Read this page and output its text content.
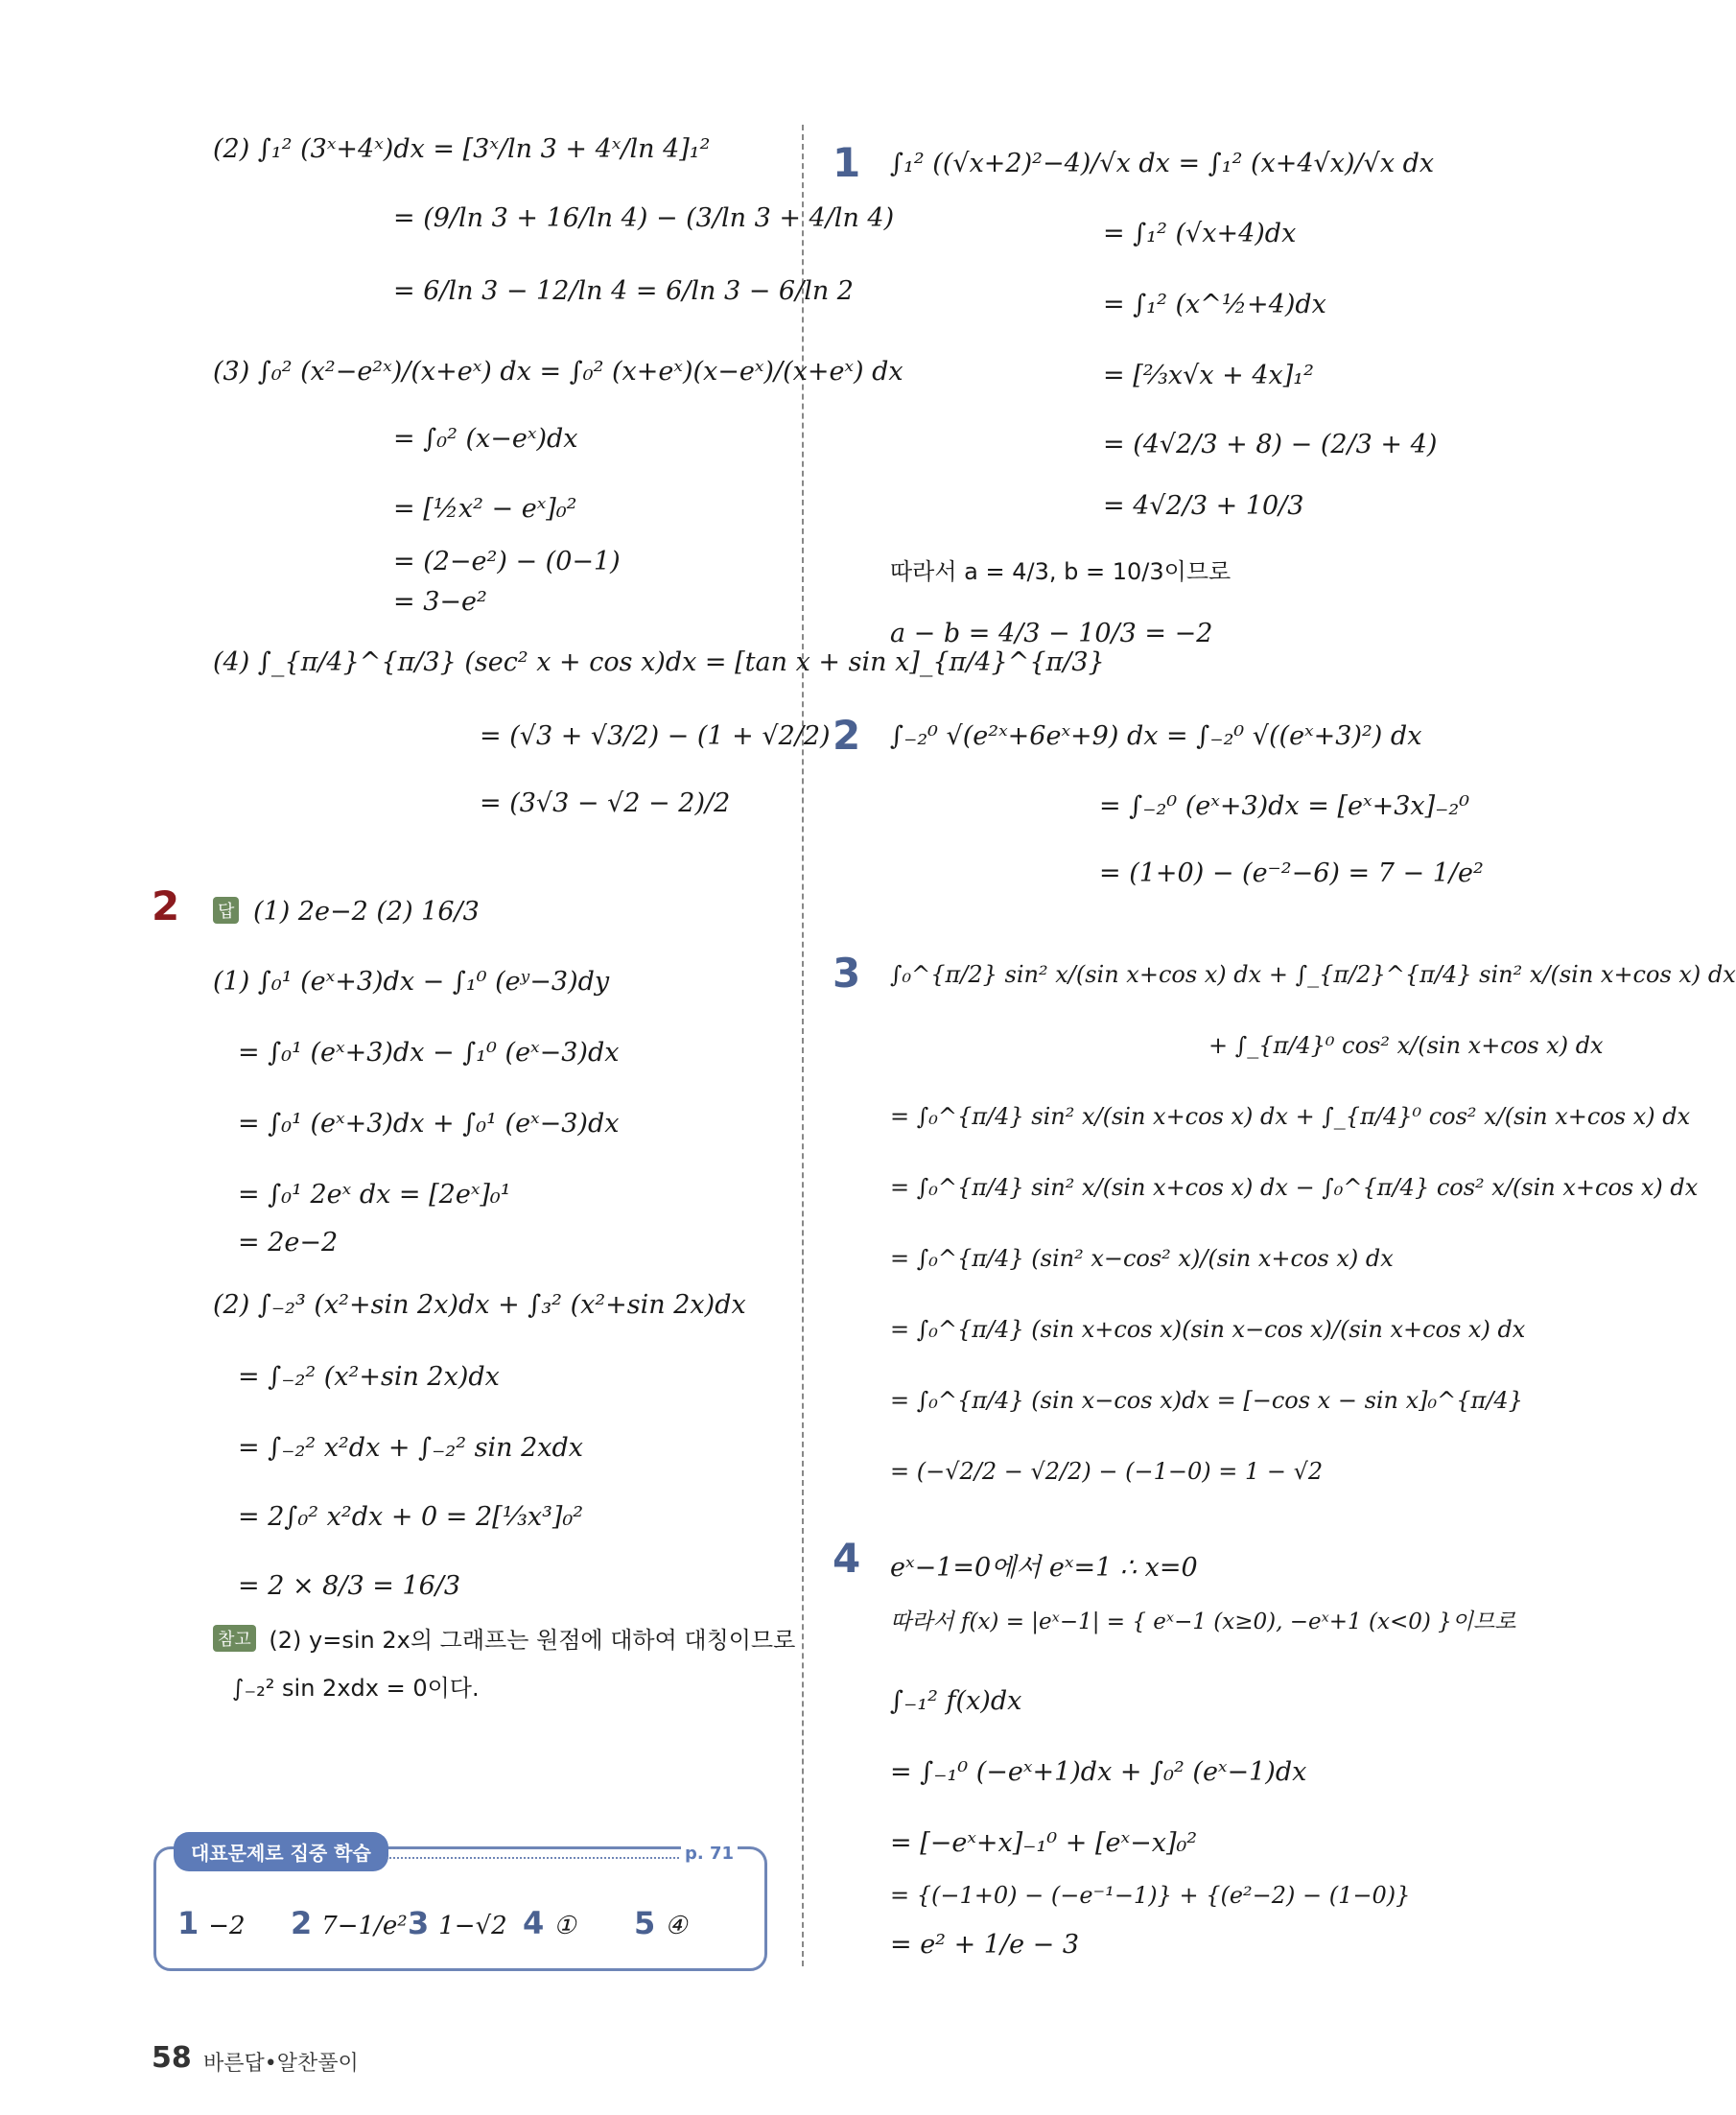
(2) ∫₁² (3ˣ+4ˣ)dx = [3ˣ/ln 3 + 4ˣ/ln 4]₁²
= (9/ln 3 + 16/ln 4) − (3/ln 3 + 4/ln 4)
= 6/ln 3 − 12/ln 4 = 6/ln 3 − 6/ln 2
(3) ∫₀² (x²−e²ˣ)/(x+eˣ) dx = ∫₀² (x+eˣ)(x−eˣ)/(x+eˣ) dx
= ∫₀² (x−eˣ)dx
= [½x² − eˣ]₀²
= (2−e²) − (0−1)
= 3−e²
(4) ∫_{π/4}^{π/3} (sec² x + cos x)dx = [tan x + sin x]_{π/4}^{π/3}
= (√3 + √3/2) − (1 + √2/2)
= (3√3 − √2 − 2)/2
2 답 (1) 2e−2 (2) 16/3
(1) ∫₀¹ (eˣ+3)dx − ∫₁⁰ (eʸ−3)dy
= ∫₀¹ (eˣ+3)dx − ∫₁⁰ (eˣ−3)dx
= ∫₀¹ (eˣ+3)dx + ∫₀¹ (eˣ−3)dx
= ∫₀¹ 2eˣ dx = [2eˣ]₀¹
= 2e−2
(2) ∫₋₂³ (x²+sin 2x)dx + ∫₃² (x²+sin 2x)dx
= ∫₋₂² (x²+sin 2x)dx
= ∫₋₂² x²dx + ∫₋₂² sin 2xdx
= 2∫₀² x²dx + 0 = 2[⅓x³]₀²
= 2 × 8/3 = 16/3
참고 (2) y=sin 2x의 그래프는 원점에 대하여 대칭이므로
∫₋₂² sin 2xdx = 0이다.
1 ∫₁² ((√x+2)²−4)/√x dx = ∫₁² (x+4√x)/√x dx
= ∫₁² (√x+4)dx
= ∫₁² (x^½+4)dx
= [⅔x√x + 4x]₁²
= (4√2/3 + 8) − (2/3 + 4)
= 4√2/3 + 10/3
따라서 a = 4/3, b = 10/3이므로
a − b = 4/3 − 10/3 = −2
2 ∫₋₂⁰ √(e²ˣ+6eˣ+9) dx = ∫₋₂⁰ √((eˣ+3)²) dx
= ∫₋₂⁰ (eˣ+3)dx = [eˣ+3x]₋₂⁰
= (1+0) − (e⁻²−6) = 7 − 1/e²
3 ∫₀^{π/2} sin² x/(sin x+cos x) dx + ∫_{π/2}^{π/4} sin² x/(sin x+cos x) dx
+ ∫_{π/4}⁰ cos² x/(sin x+cos x) dx
= ∫₀^{π/4} sin² x/(sin x+cos x) dx + ∫_{π/4}⁰ cos² x/(sin x+cos x) dx
= ∫₀^{π/4} sin² x/(sin x+cos x) dx − ∫₀^{π/4} cos² x/(sin x+cos x) dx
= ∫₀^{π/4} (sin² x−cos² x)/(sin x+cos x) dx
= ∫₀^{π/4} (sin x+cos x)(sin x−cos x)/(sin x+cos x) dx
= ∫₀^{π/4} (sin x−cos x)dx = [−cos x − sin x]₀^{π/4}
= (−√2/2 − √2/2) − (−1−0) = 1 − √2
4 eˣ−1=0에서 eˣ=1 ∴ x=0
따라서 f(x) = |eˣ−1| = { eˣ−1 (x≥0), −eˣ+1 (x<0) }이므로
∫₋₁² f(x)dx
= ∫₋₁⁰ (−eˣ+1)dx + ∫₀² (eˣ−1)dx
= [−eˣ+x]₋₁⁰ + [eˣ−x]₀²
= {(−1+0) − (−e⁻¹−1)} + {(e²−2) − (1−0)}
= e² + 1/e − 3
대표문제로 집중 학습	p. 71
1 −2 2 7−1/e² 3 1−√2 4 ① 5 ④
58 바른답•알찬풀이
